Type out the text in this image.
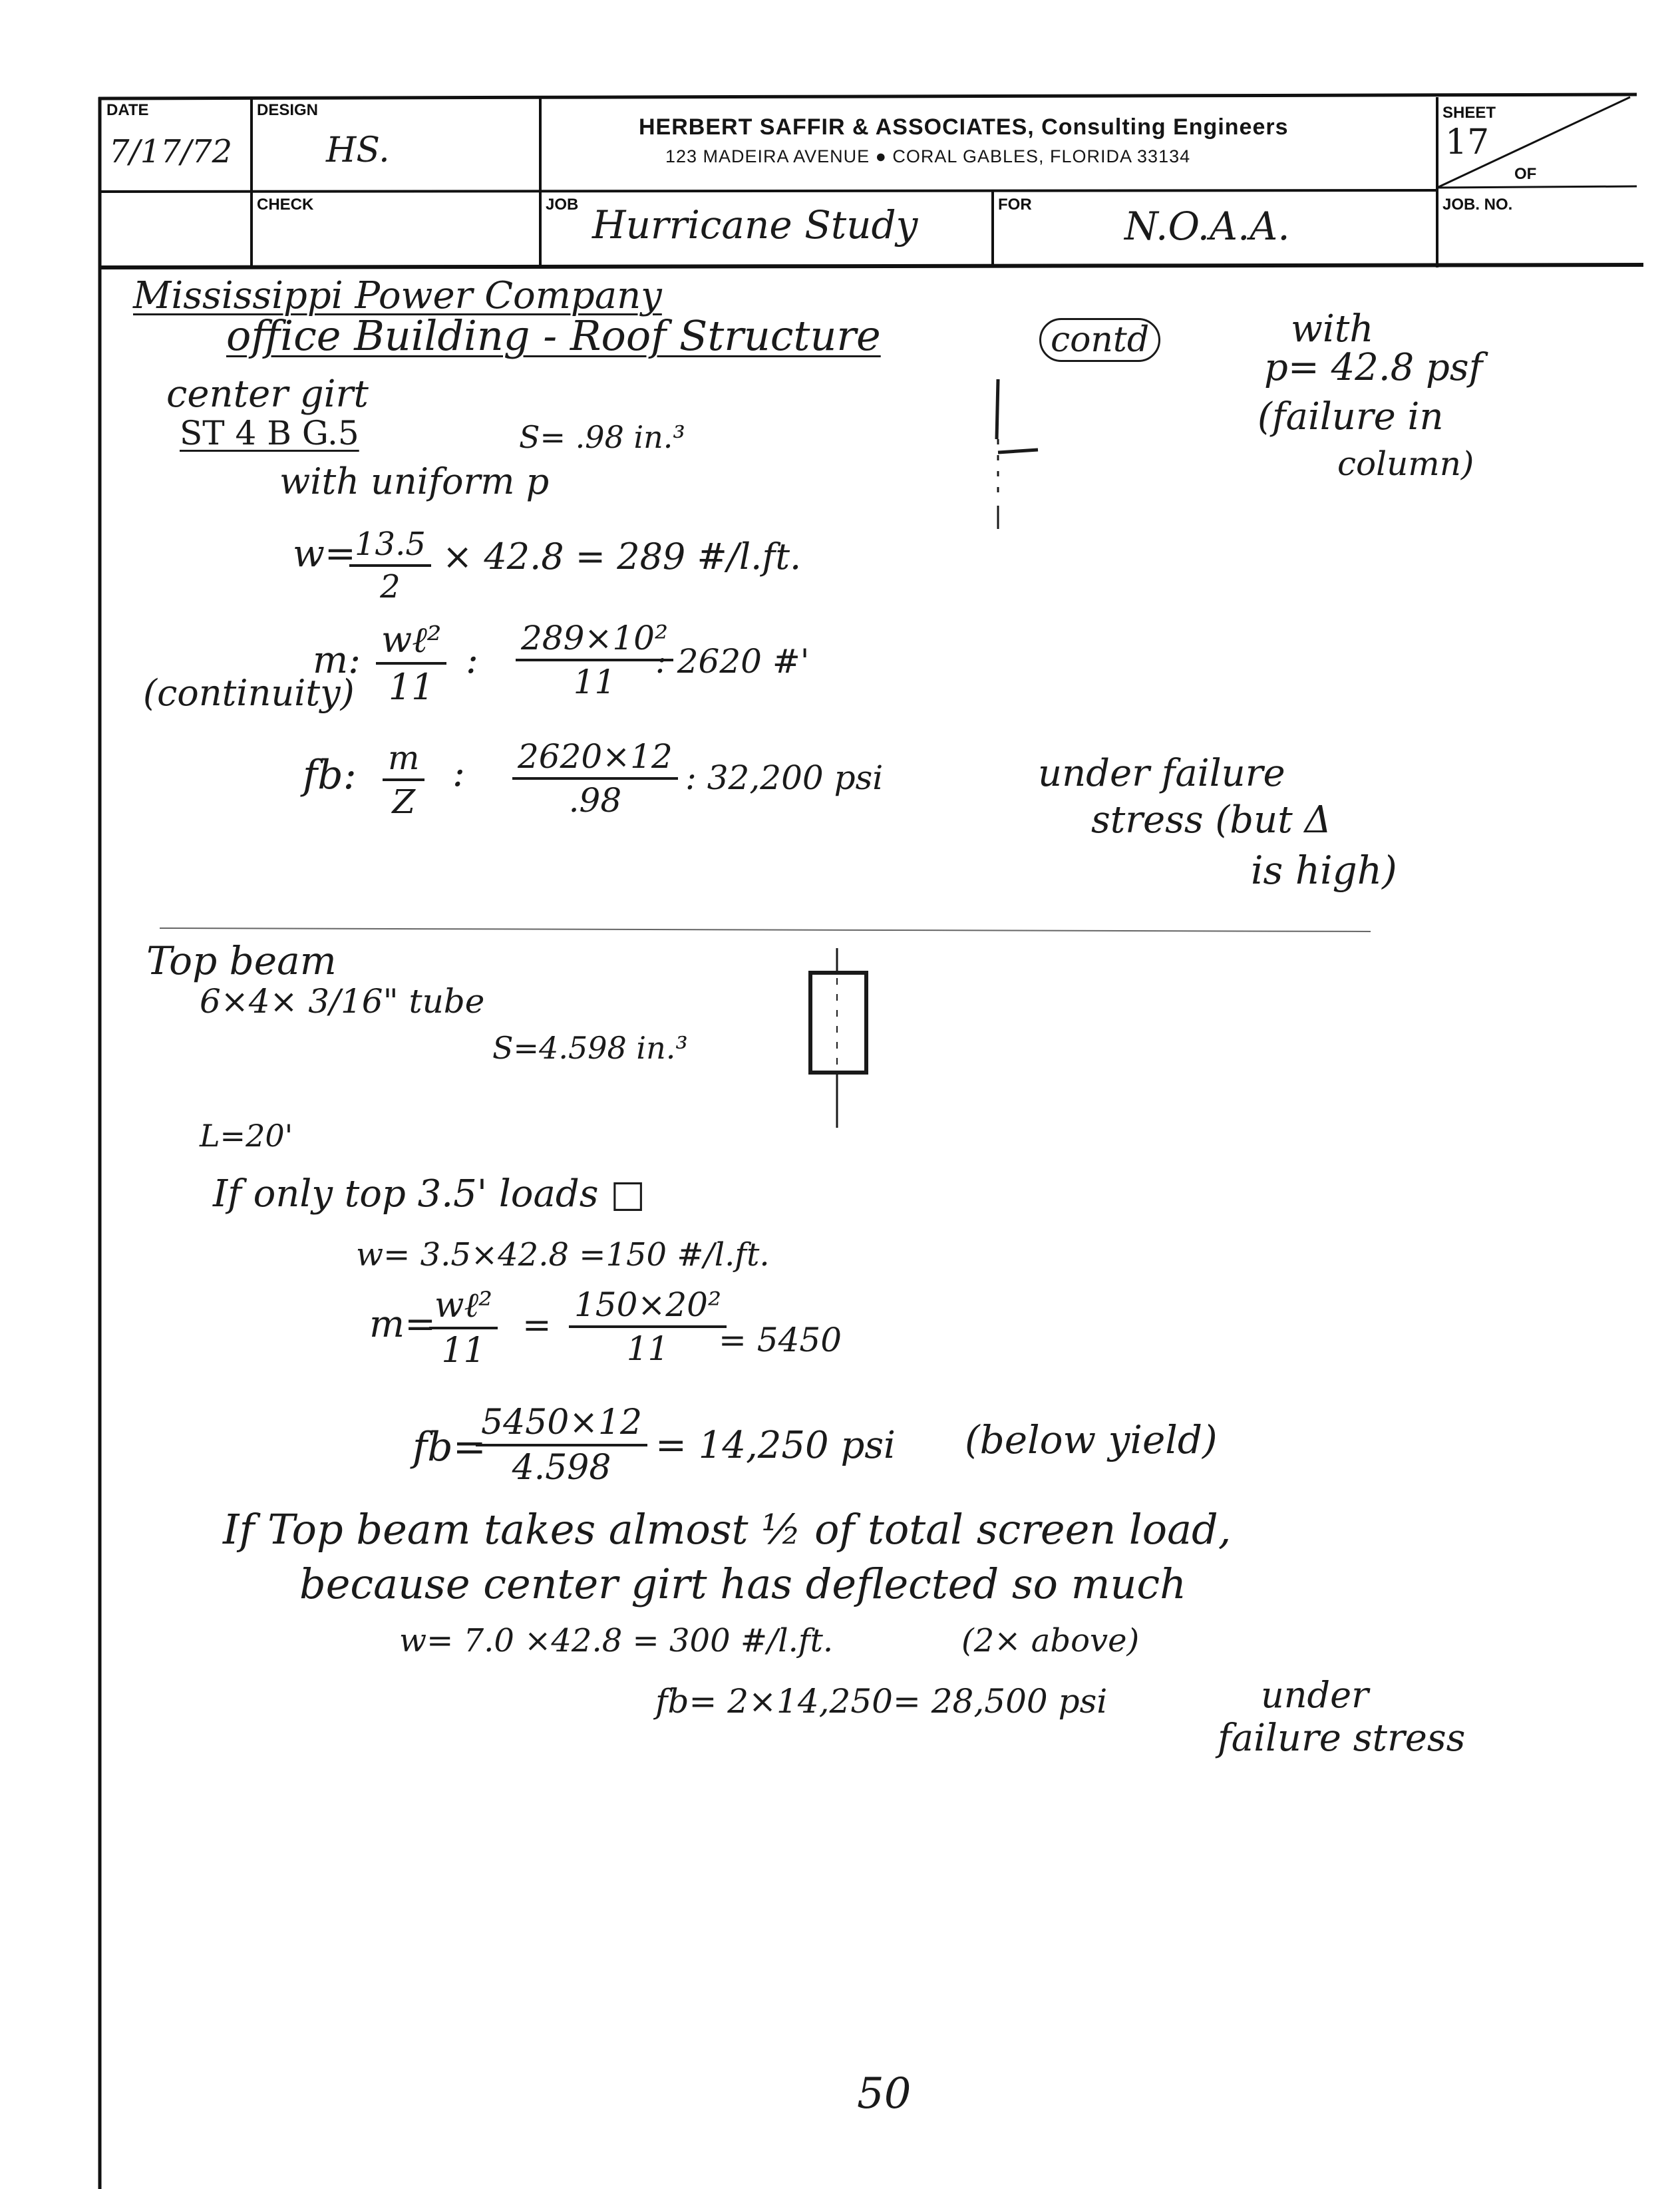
DATE
7/17/72
DESIGN
HS.
HERBERT SAFFIR & ASSOCIATES, Consulting Engineers
123 MADEIRA AVENUE ● CORAL GABLES, FLORIDA 33134
SHEET
17
OF
CHECK	JOB Hurricane Study	FOR N.O.A.A.	JOB. NO.
Mississippi Power Company
office Building - Roof Structure	contd	with
p= 42.8 psf
(failure in
column)
center girt
ST 4 B G.5	S= .98 in.³
with uniform p
w=
$\frac{13.5}{2} \times 42.8 = 289$ #/l.ft.
m: wℓ²
11
: $\frac{\text{289×10²}}{11}$
: 2620 #'
(continuity)
fb: $\frac{m}{Z}$ : $\frac{2620\times 12}{.98}$ : 32,200 psi	under failure
stress (but Δ
is high)
Top beam
6×4× 3/16" tube
S=4.598 in.³
L=20'
If only top 3.5' loads □
w= 3.5×42.8 =150 #/l.ft.
m=
wℓ²
11
= $\frac{\text{150×20²}}{11}$
= 5450
fb=
$\frac{5450\times 12}{4.598} = 14,250$ psi (below yield)
If Top beam takes almost ½ of total screen load,
because center girt has deflected so much
w= 7.0 ×42.8 = 300 #/l.ft.	(2× above)
fb= 2×14,250= 28,500 psi	under
failure stress
50
